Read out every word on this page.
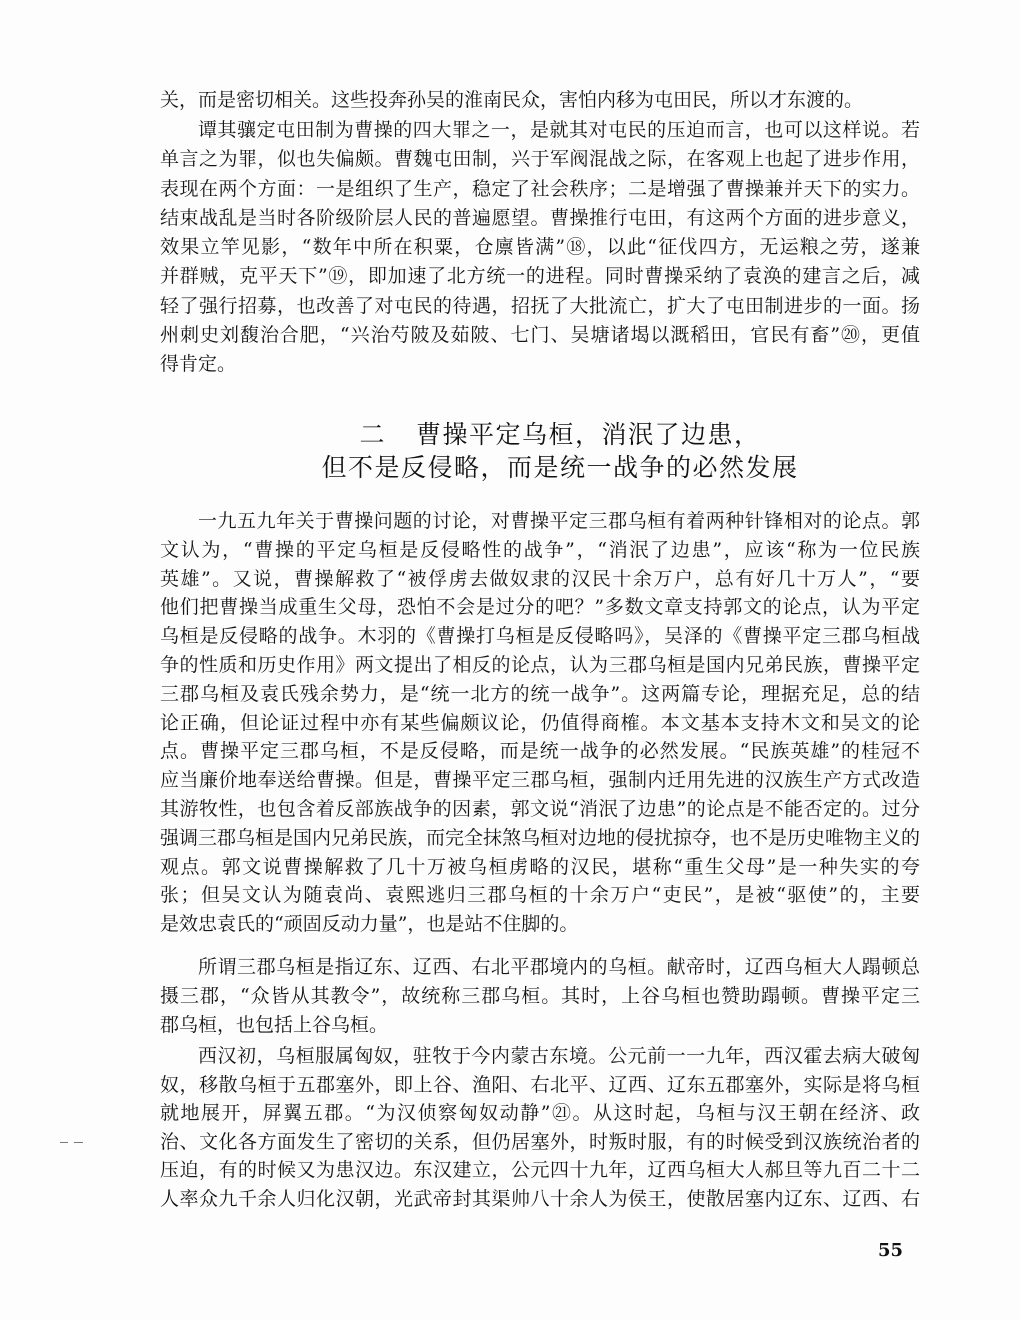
关，而是密切相关。这些投奔孙吴的淮南民众，害怕内移为屯田民，所以才东渡的。
谭其骧定屯田制为曹操的四大罪之一，是就其对屯民的压迫而言，也可以这样说。若
单言之为罪，似也失偏颇。曹魏屯田制，兴于军阀混战之际，在客观上也起了进步作用，
表现在两个方面：一是组织了生产，稳定了社会秩序；二是增强了曹操兼并天下的实力。
结束战乱是当时各阶级阶层人民的普遍愿望。曹操推行屯田，有这两个方面的进步意义，
效果立竿见影，“数年中所在积粟，仓廪皆满”⑱，以此“征伐四方，无运粮之劳，遂兼
并群贼，克平天下”⑲，即加速了北方统一的进程。同时曹操采纳了袁涣的建言之后，减
轻了强行招募，也改善了对屯民的待遇，招抚了大批流亡，扩大了屯田制进步的一面。扬
州刺史刘馥治合肥，“兴治芍陂及茹陂、七门、吴塘诸堨以溉稻田，官民有畜”⑳，更值
得肯定。
二 曹操平定乌桓，消泯了边患，
但不是反侵略，而是统一战争的必然发展
一九五九年关于曹操问题的讨论，对曹操平定三郡乌桓有着两种针锋相对的论点。郭
文认为，“曹操的平定乌桓是反侵略性的战争”，“消泯了边患”，应该“称为一位民族
英雄”。又说，曹操解救了“被俘虏去做奴隶的汉民十余万户，总有好几十万人”，“要
他们把曹操当成重生父母，恐怕不会是过分的吧？”多数文章支持郭文的论点，认为平定
乌桓是反侵略的战争。木羽的《曹操打乌桓是反侵略吗》，吴泽的《曹操平定三郡乌桓战
争的性质和历史作用》两文提出了相反的论点，认为三郡乌桓是国内兄弟民族，曹操平定
三郡乌桓及袁氏残余势力，是“统一北方的统一战争”。这两篇专论，理据充足，总的结
论正确，但论证过程中亦有某些偏颇议论，仍值得商榷。本文基本支持木文和吴文的论
点。曹操平定三郡乌桓，不是反侵略，而是统一战争的必然发展。“民族英雄”的桂冠不
应当廉价地奉送给曹操。但是，曹操平定三郡乌桓，强制内迁用先进的汉族生产方式改造
其游牧性，也包含着反部族战争的因素，郭文说“消泯了边患”的论点是不能否定的。过分
强调三郡乌桓是国内兄弟民族，而完全抹煞乌桓对边地的侵扰掠夺，也不是历史唯物主义的
观点。郭文说曹操解救了几十万被乌桓虏略的汉民，堪称“重生父母”是一种失实的夸
张；但吴文认为随袁尚、袁熙逃归三郡乌桓的十余万户“吏民”，是被“驱使”的，主要
是效忠袁氏的“顽固反动力量”，也是站不住脚的。
所谓三郡乌桓是指辽东、辽西、右北平郡境内的乌桓。献帝时，辽西乌桓大人蹋顿总
摄三郡，“众皆从其教令”，故统称三郡乌桓。其时，上谷乌桓也赞助蹋顿。曹操平定三
郡乌桓，也包括上谷乌桓。
西汉初，乌桓服属匈奴，驻牧于今内蒙古东境。公元前一一九年，西汉霍去病大破匈
奴，移散乌桓于五郡塞外，即上谷、渔阳、右北平、辽西、辽东五郡塞外，实际是将乌桓
就地展开，屏翼五郡。“为汉侦察匈奴动静”㉑。从这时起，乌桓与汉王朝在经济、政
治、文化各方面发生了密切的关系，但仍居塞外，时叛时服，有的时候受到汉族统治者的
压迫，有的时候又为患汉边。东汉建立，公元四十九年，辽西乌桓大人郝旦等九百二十二
人率众九千余人归化汉朝，光武帝封其渠帅八十余人为侯王，使散居塞内辽东、辽西、右
55
